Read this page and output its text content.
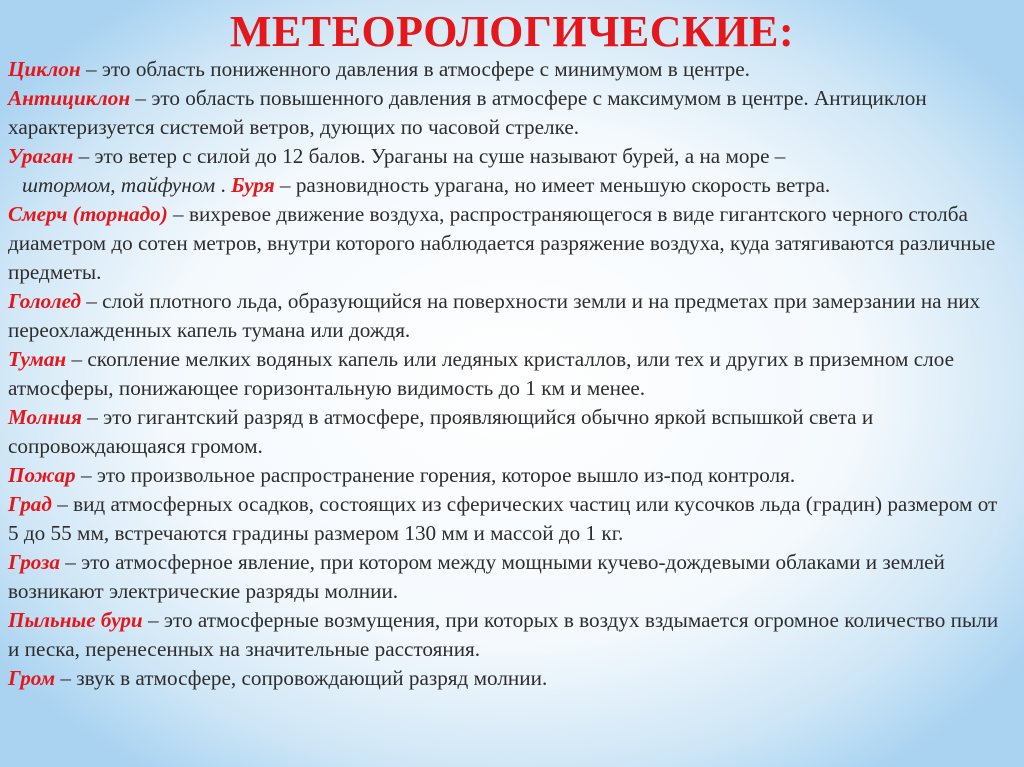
МЕТЕОРОЛОГИЧЕСКИЕ:

Циклон – это область пониженного давления в атмосфере с минимумом в центре.

Антициклон – это область повышенного давления в атмосфере с максимумом в центре. Антициклон характеризуется системой ветров, дующих по часовой стрелке.

Ураган – это ветер с силой до 12 балов. Ураганы на суше называют бурей, а на море –

штормом, тайфуном . Буря – разновидность урагана, но имеет меньшую скорость ветра.

Смерч (торнадо) – вихревое движение воздуха, распространяющегося в виде гигантского черного столба диаметром до сотен метров, внутри которого наблюдается разряжение воздуха, куда затягиваются различные предметы.

Гололед – слой плотного льда, образующийся на поверхности земли и на предметах при замерзании на них переохлажденных капель тумана или дождя.

Туман – скопление мелких водяных капель или ледяных кристаллов, или тех и других в приземном слое атмосферы, понижающее горизонтальную видимость до 1 км и менее.

Молния – это гигантский разряд в атмосфере, проявляющийся обычно яркой вспышкой света и сопровождающаяся громом.

Пожар – это произвольное распространение горения, которое вышло из-под контроля.

Град – вид атмосферных осадков, состоящих из сферических частиц или кусочков льда (градин) размером от 5 до 55 мм, встречаются градины размером 130 мм и массой до 1 кг.

Гроза – это атмосферное явление, при котором между мощными кучево-дождевыми облаками и землей возникают электрические разряды молнии.

Пыльные бури – это атмосферные возмущения, при которых в воздух вздымается огромное количество пыли и песка, перенесенных на значительные расстояния.

Гром – звук в атмосфере, сопровождающий разряд молнии.
